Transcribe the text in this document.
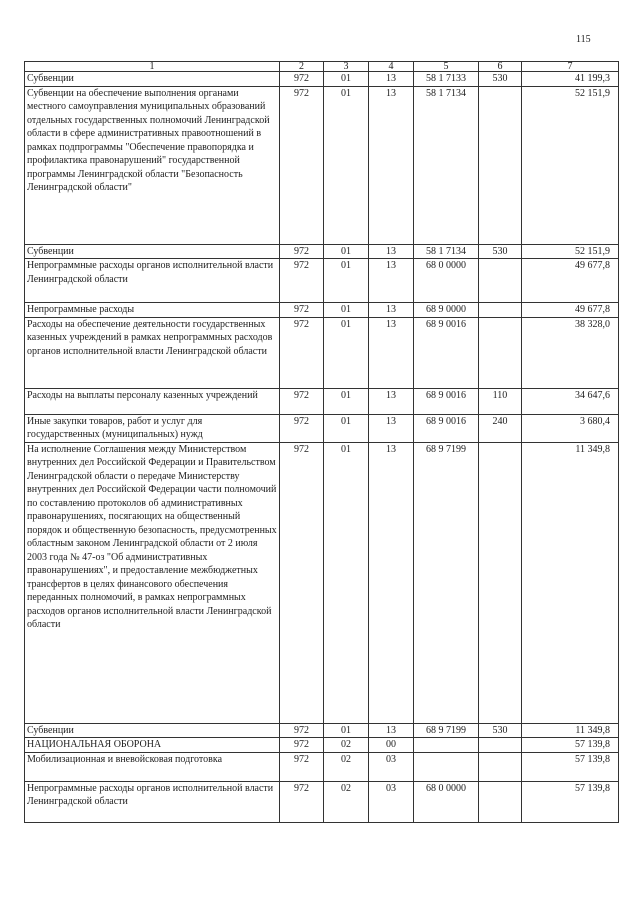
115
1	2	3	4	5	6	7
Субвенции	972	01	13	58 1 7133	530	41 199,3
Субвенции на обеспечение выполнения органами местного самоуправления муниципальных образований отдельных государственных полномочий Ленинградской области в сфере административных правоотношений в рамках подпрограммы "Обеспечение правопорядка и профилактика правонарушений" государственной программы Ленинградской области "Безопасность Ленинградской области"	972	01	13	58 1 7134		52 151,9
Субвенции	972	01	13	58 1 7134	530	52 151,9
Непрограммные расходы органов исполнительной власти Ленинградской области	972	01	13	68 0 0000		49 677,8
Непрограммные расходы	972	01	13	68 9 0000		49 677,8
Расходы на обеспечение деятельности государственных казенных учреждений в рамках непрограммных расходов органов исполнительной власти Ленинградской области	972	01	13	68 9 0016		38 328,0
Расходы на выплаты персоналу казенных учреждений	972	01	13	68 9 0016	110	34 647,6
Иные закупки товаров, работ и услуг для государственных (муниципальных) нужд	972	01	13	68 9 0016	240	3 680,4
На исполнение Соглашения между Министерством внутренних дел Российской Федерации и Правительством Ленинградской области о передаче Министерству внутренних дел Российской Федерации части полномочий по составлению протоколов об административных правонарушениях, посягающих на общественный порядок и общественную безопасность, предусмотренных областным законом Ленинградской области от 2 июля 2003 года № 47-оз "Об административных правонарушениях", и предоставление межбюджетных трансфертов в целях финансового обеспечения переданных полномочий, в рамках непрограммных расходов органов исполнительной власти Ленинградской области	972	01	13	68 9 7199		11 349,8
Субвенции	972	01	13	68 9 7199	530	11 349,8
НАЦИОНАЛЬНАЯ ОБОРОНА	972	02	00			57 139,8
Мобилизационная и вневойсковая подготовка	972	02	03			57 139,8
Непрограммные расходы органов исполнительной власти Ленинградской области	972	02	03	68 0 0000		57 139,8
